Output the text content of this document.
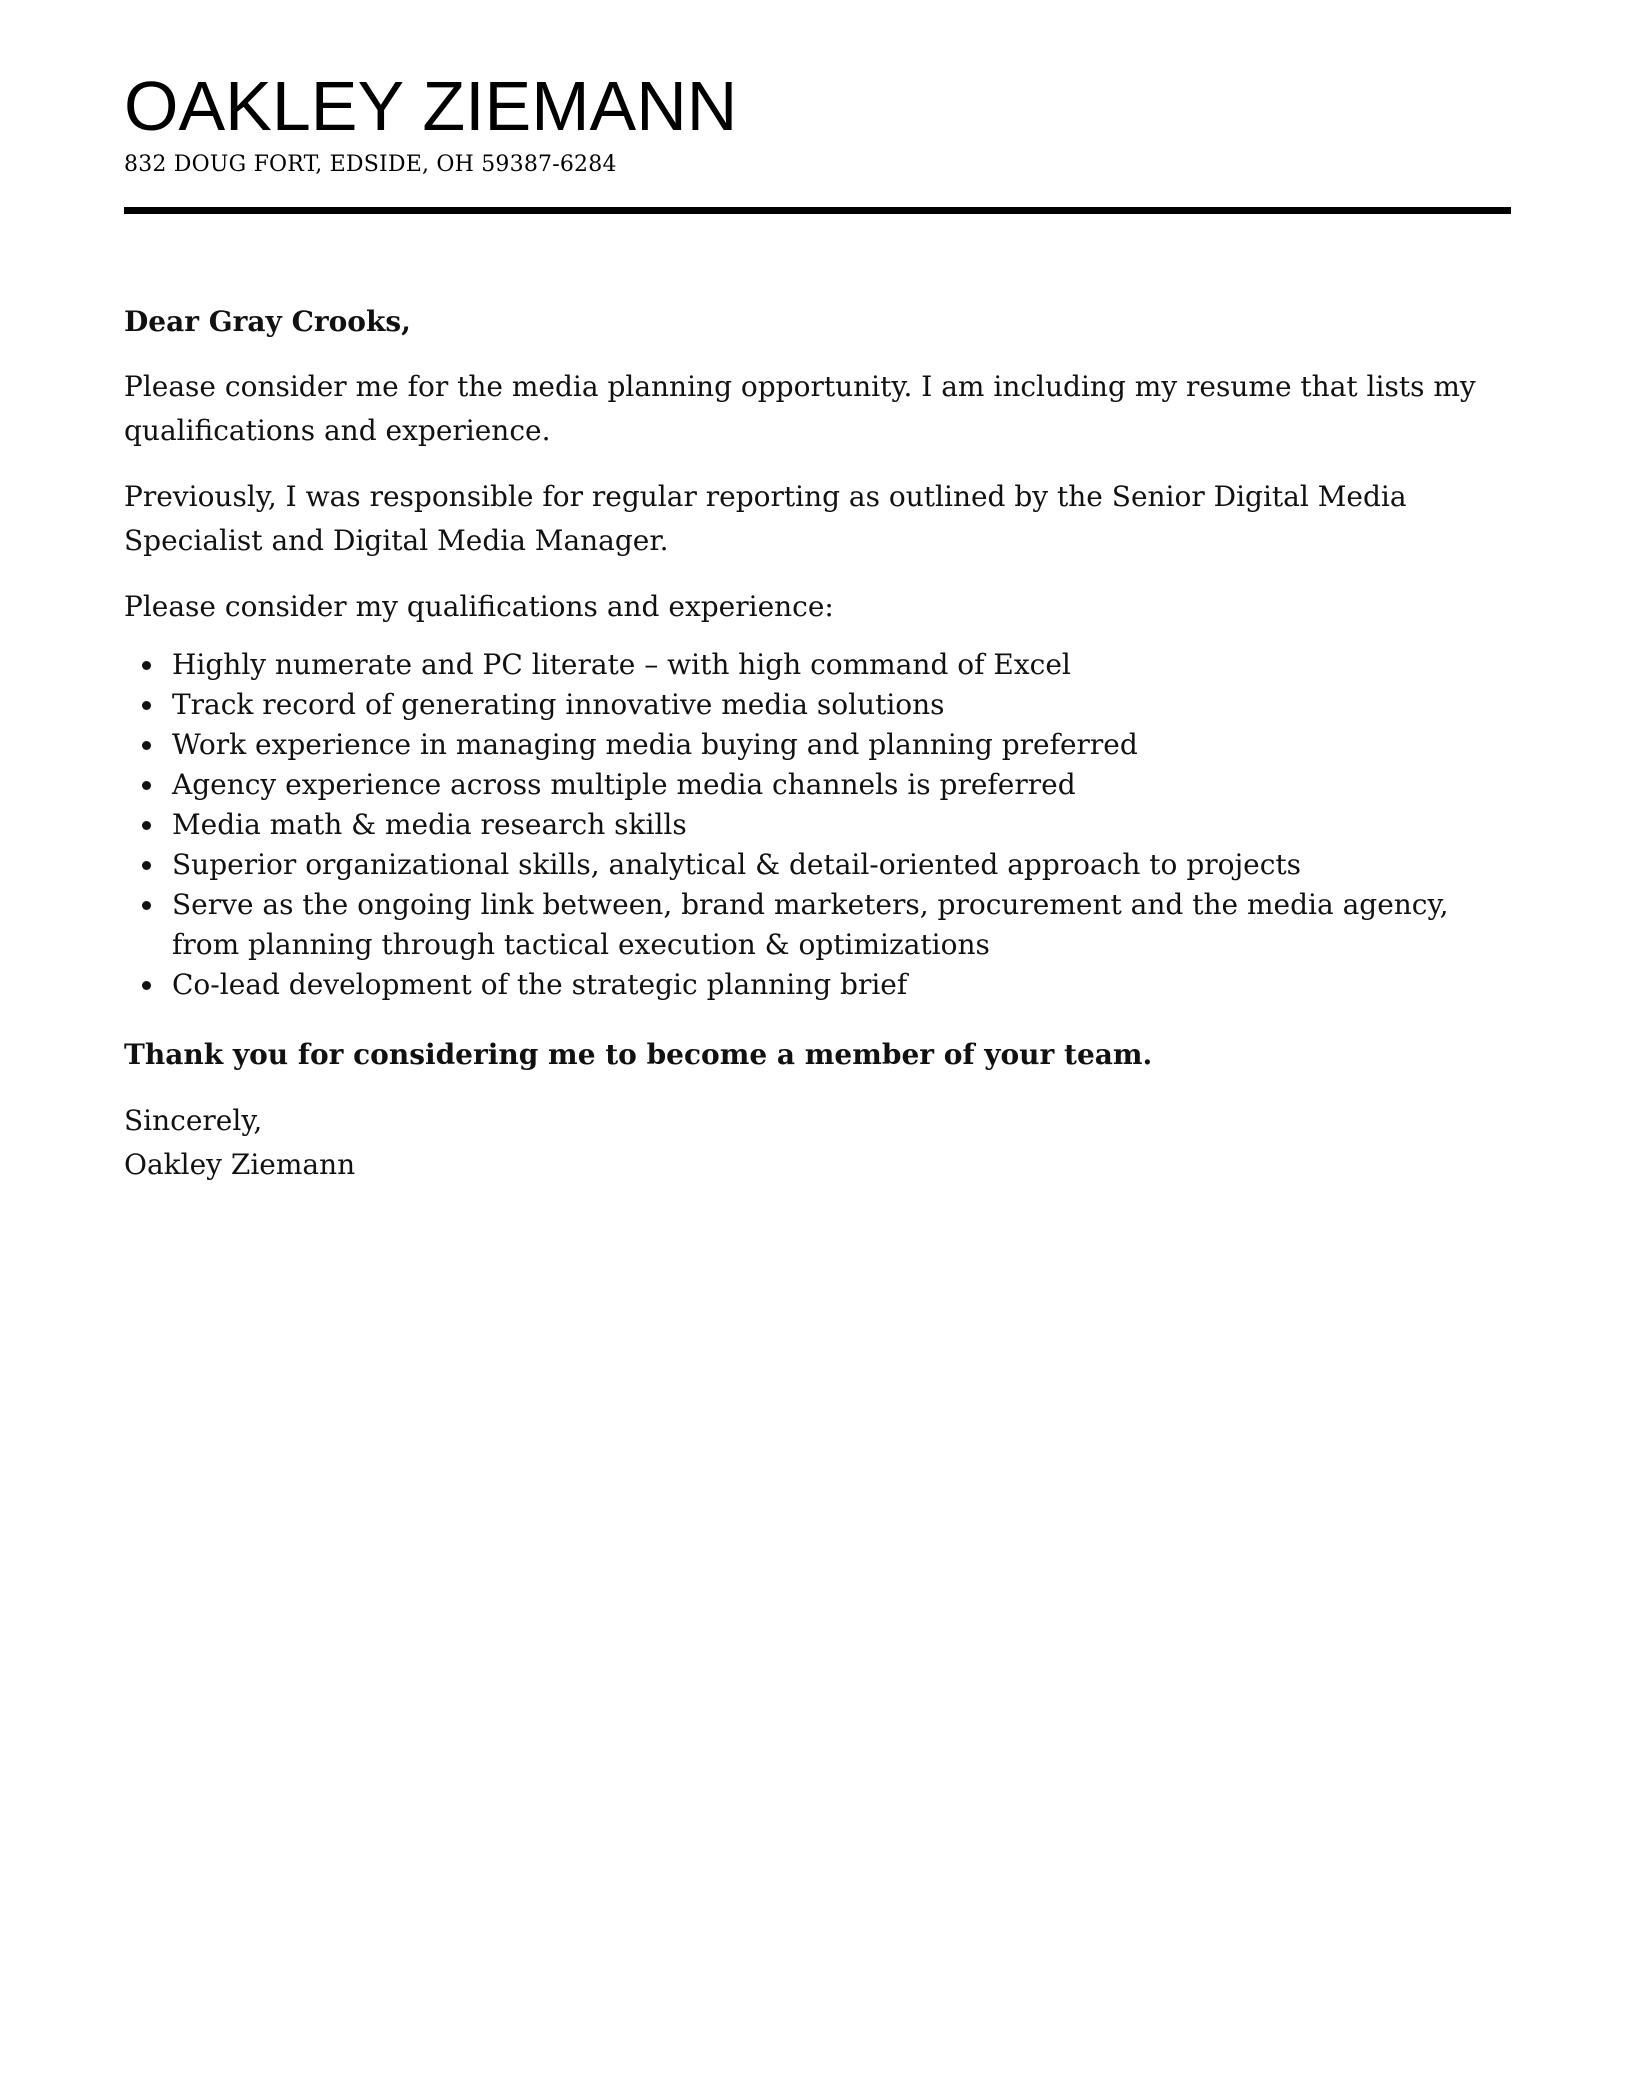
OAKLEY ZIEMANN
832 DOUG FORT, EDSIDE, OH 59387-6284

Dear Gray Crooks,

Please consider me for the media planning opportunity. I am including my resume that lists my qualifications and experience.

Previously, I was responsible for regular reporting as outlined by the Senior Digital Media Specialist and Digital Media Manager.

Please consider my qualifications and experience:

Highly numerate and PC literate – with high command of Excel
Track record of generating innovative media solutions
Work experience in managing media buying and planning preferred
Agency experience across multiple media channels is preferred
Media math & media research skills
Superior organizational skills, analytical & detail-oriented approach to projects
Serve as the ongoing link between, brand marketers, procurement and the media agency, from planning through tactical execution & optimizations
Co-lead development of the strategic planning brief

Thank you for considering me to become a member of your team.

Sincerely,
Oakley Ziemann
